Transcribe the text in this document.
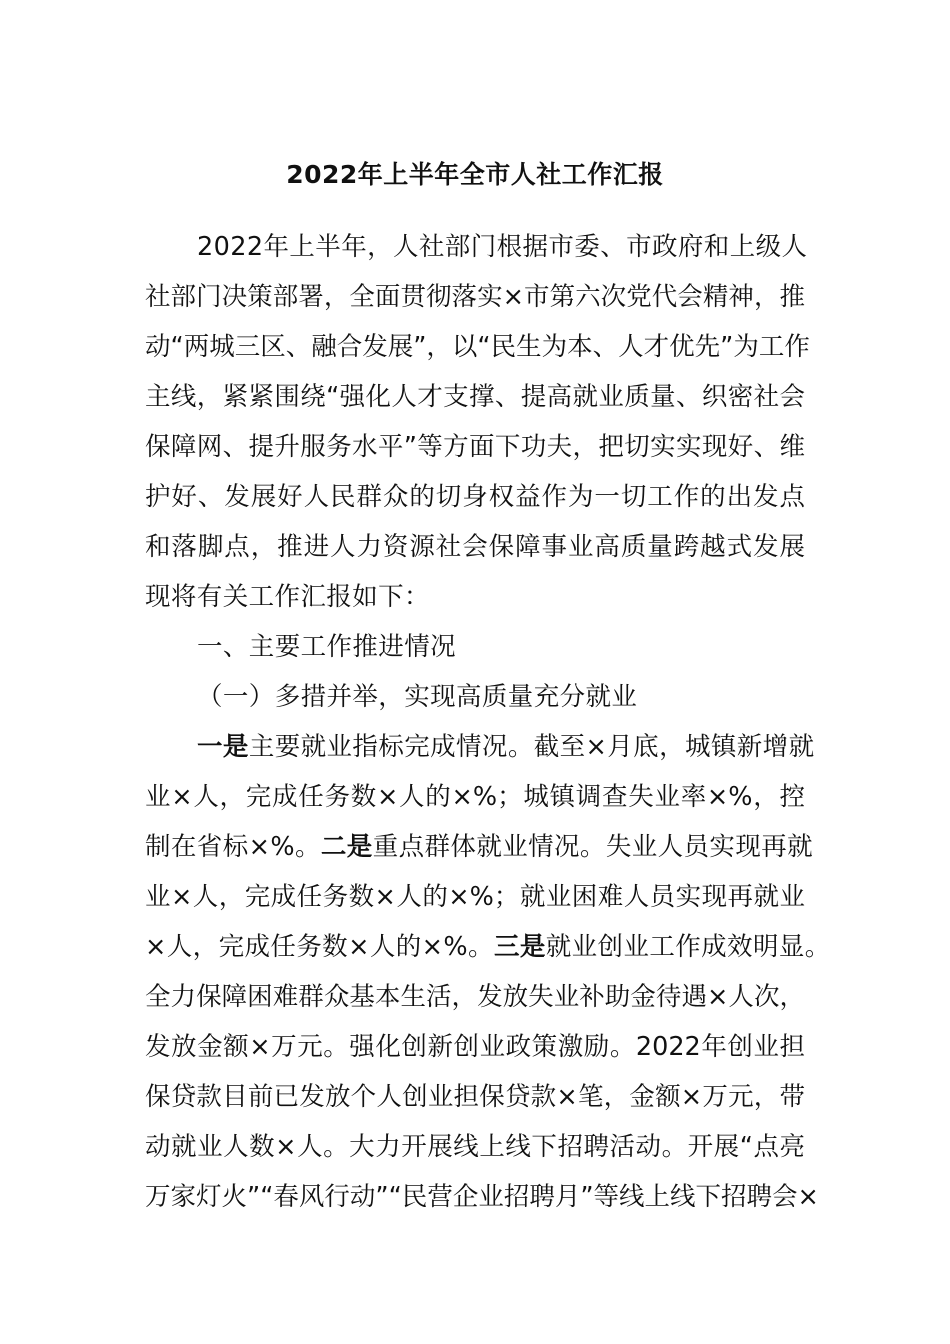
2022年上半年全市人社工作汇报
2022年上半年，人社部门根据市委、市政府和上级人
社部门决策部署，全面贯彻落实×市第六次党代会精神，推
动“两城三区、融合发展”，以“民生为本、人才优先”为工作
主线，紧紧围绕“强化人才支撑、提高就业质量、织密社会
保障网、提升服务水平”等方面下功夫，把切实实现好、维
护好、发展好人民群众的切身权益作为一切工作的出发点
和落脚点，推进人力资源社会保障事业高质量跨越式发展
现将有关工作汇报如下：
一、主要工作推进情况
（一）多措并举，实现高质量充分就业
一是主要就业指标完成情况。截至×月底，城镇新增就
业×人，完成任务数×人的×%；城镇调查失业率×%，控
制在省标×%。二是重点群体就业情况。失业人员实现再就
业×人，完成任务数×人的×%；就业困难人员实现再就业
×人，完成任务数×人的×%。三是就业创业工作成效明显。
全力保障困难群众基本生活，发放失业补助金待遇×人次，
发放金额×万元。强化创新创业政策激励。2022年创业担
保贷款目前已发放个人创业担保贷款×笔，金额×万元，带
动就业人数×人。大力开展线上线下招聘活动。开展“点亮
万家灯火”“春风行动”“民营企业招聘月”等线上线下招聘会×
